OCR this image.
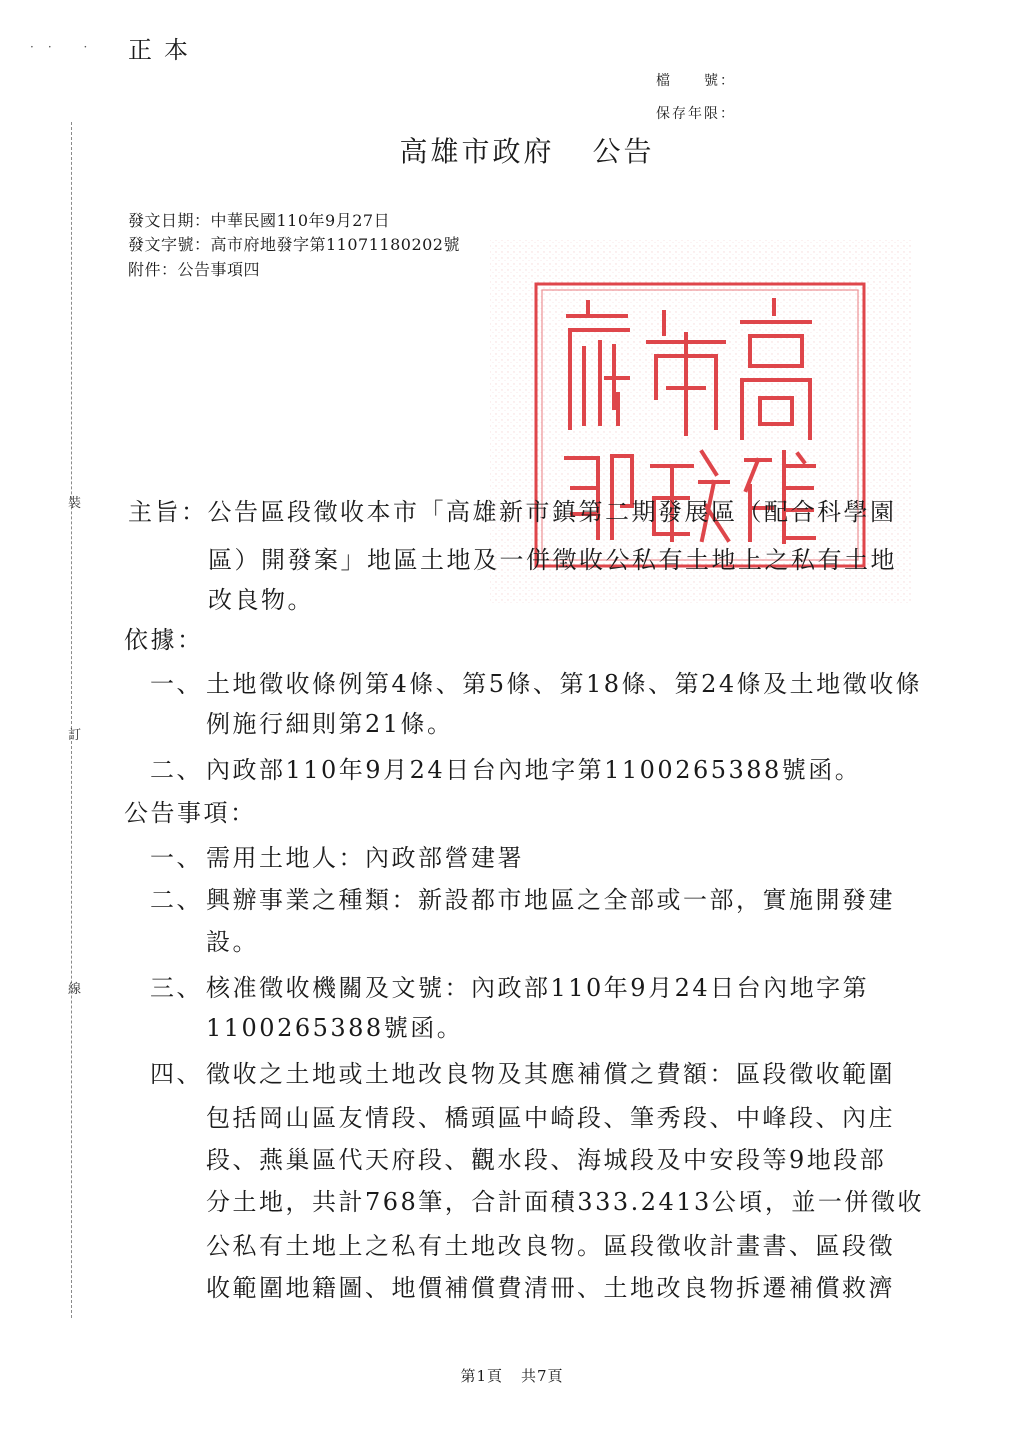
·· · 正本
檔　　號：
保存年限：
裝
訂
線
高雄市政府 公告
發文日期：中華民國110年9月27日
發文字號：高市府地發字第11071180202號
附件：公告事項四
主旨：公告區段徵收本市「高雄新市鎮第二期發展區（配合科學園
區）開發案」地區土地及一併徵收公私有土地上之私有土地
改良物。
依據：
一、 土地徵收條例第4條、第5條、第18條、第24條及土地徵收條
例施行細則第21條。
二、 內政部110年9月24日台內地字第1100265388號函。
公告事項：
一、 需用土地人：內政部營建署
二、 興辦事業之種類：新設都市地區之全部或一部，實施開發建
設。
三、 核准徵收機關及文號：內政部110年9月24日台內地字第
1100265388號函。
四、 徵收之土地或土地改良物及其應補償之費額：區段徵收範圍
包括岡山區友情段、橋頭區中崎段、筆秀段、中峰段、內庄
段、燕巢區代天府段、觀水段、海城段及中安段等9地段部
分土地，共計768筆，合計面積333.2413公頃，並一併徵收
公私有土地上之私有土地改良物。區段徵收計畫書、區段徵
收範圍地籍圖、地價補償費清冊、土地改良物拆遷補償救濟
第1頁 共7頁
